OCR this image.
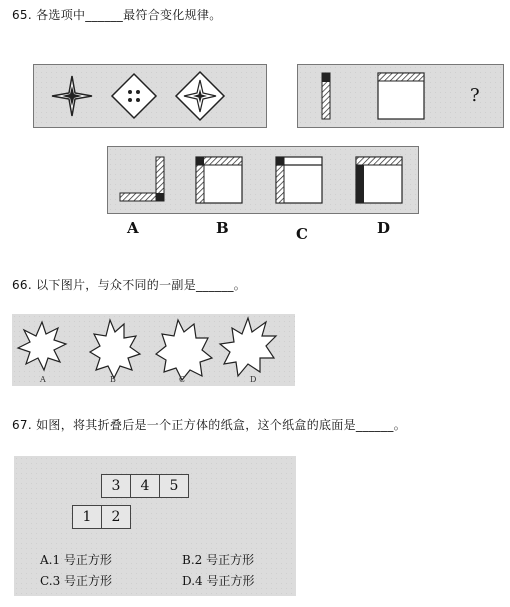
65. 各选项中______最符合变化规律。
?
A	B	C	D
66. 以下图片，与众不同的一副是______。
A	B	C	D
67. 如图，将其折叠后是一个正方体的纸盒，这个纸盒的底面是______。
3	4	5
1	2
A.1 号正方形	B.2 号正方形
C.3 号正方形	D.4 号正方形
